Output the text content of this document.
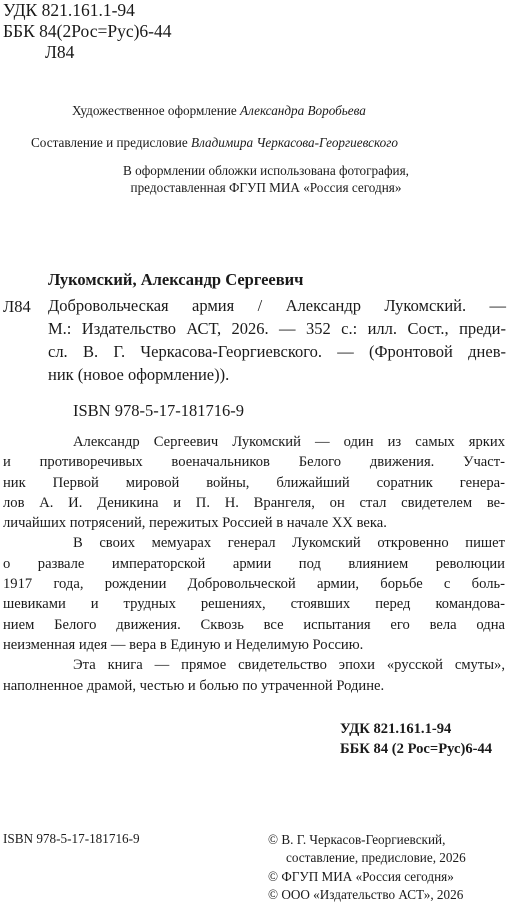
УДК 821.161.1-94
ББК 84(2Рос=Рус)6-44
Л84
Художественное оформление Александра Воробьева
Составление и предисловие Владимира Черкасова-Георгиевского
В оформлении обложки использована фотография,
предоставленная ФГУП МИА «Россия сегодня»
Лукомский, Александр Сергеевич
Л84 Добровольческая армия / Александр Лукомский. —
М.: Издательство АСТ, 2026. — 352 с.: илл. Сост., преди-
сл. В. Г. Черкасова-Георгиевского. — (Фронтовой днев-
ник (новое оформление)).
ISBN 978-5-17-181716-9
Александр Сергеевич Лукомский — один из самых ярких
и противоречивых военачальников Белого движения. Участ-
ник Первой мировой войны, ближайший соратник генера-
лов А. И. Деникина и П. Н. Врангеля, он стал свидетелем ве-
личайших потрясений, пережитых Россией в начале XX века.
В своих мемуарах генерал Лукомский откровенно пишет
о развале императорской армии под влиянием революции
1917 года, рождении Добровольческой армии, борьбе с боль-
шевиками и трудных решениях, стоявших перед командова-
нием Белого движения. Сквозь все испытания его вела одна
неизменная идея — вера в Единую и Неделимую Россию.
Эта книга — прямое свидетельство эпохи «русской смуты»,
наполненное драмой, честью и болью по утраченной Родине.
УДК 821.161.1-94
ББК 84 (2 Рос=Рус)6-44
ISBN 978-5-17-181716-9	© В. Г. Черкасов-Георгиевский,
составление, предисловие, 2026
© ФГУП МИА «Россия сегодня»
© ООО «Издательство АСТ», 2026
